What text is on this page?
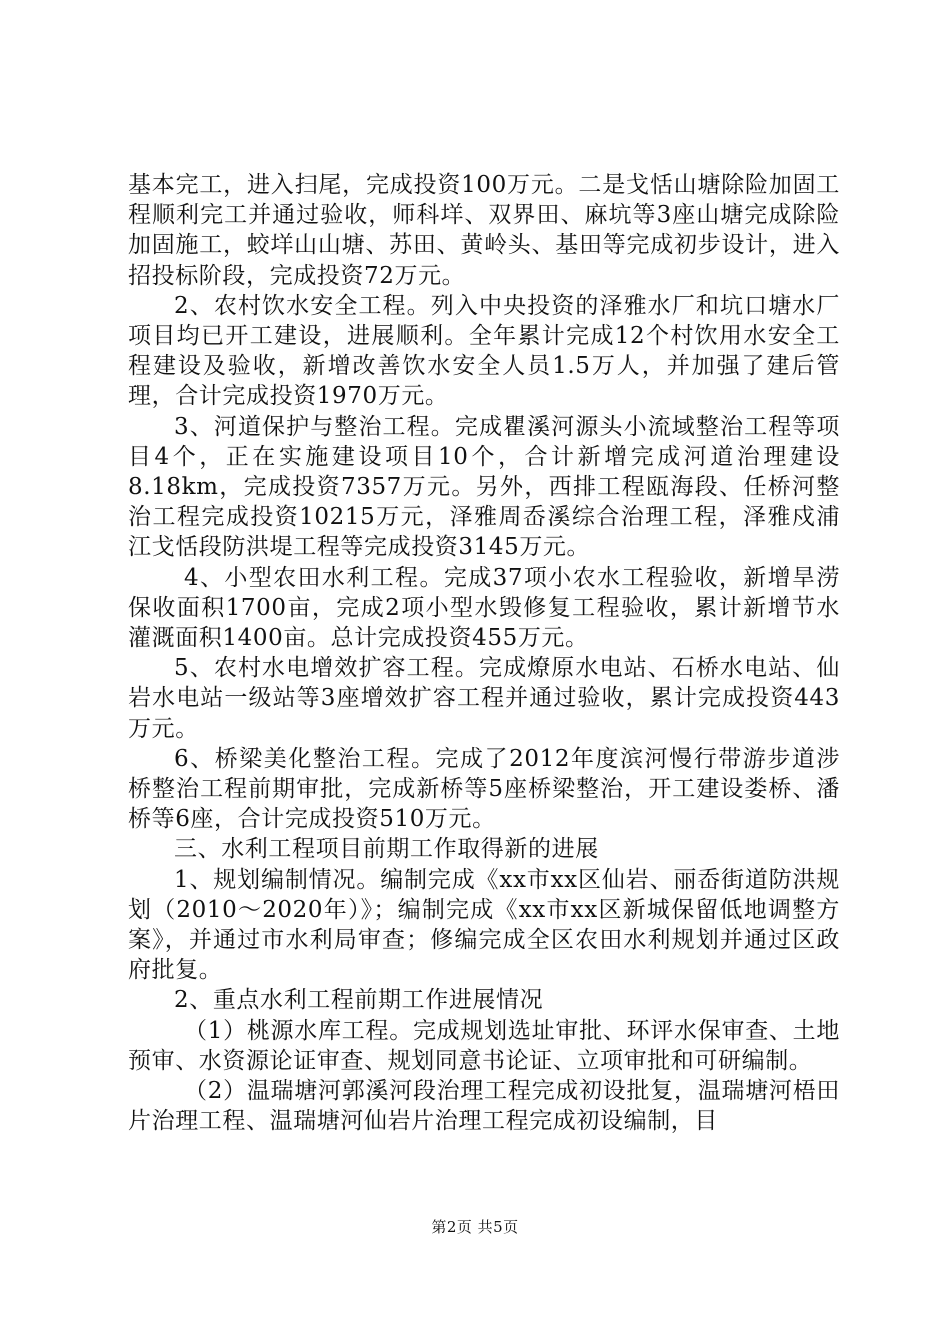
基本完工，进入扫尾，完成投资100万元。二是戈恬山塘除险加固工程顺利完工并通过验收，师科垟、双界田、麻坑等3座山塘完成除险加固施工，蛟垟山山塘、苏田、黄岭头、基田等完成初步设计，进入招投标阶段，完成投资72万元。

2、农村饮水安全工程。列入中央投资的泽雅水厂和坑口塘水厂项目均已开工建设，进展顺利。全年累计完成12个村饮用水安全工程建设及验收，新增改善饮水安全人员1.5万人，并加强了建后管理，合计完成投资1970万元。

3、河道保护与整治工程。完成瞿溪河源头小流域整治工程等项目4个，正在实施建设项目10个，合计新增完成河道治理建设8.18km，完成投资7357万元。另外，西排工程瓯海段、任桥河整治工程完成投资10215万元，泽雅周岙溪综合治理工程，泽雅戍浦江戈恬段防洪堤工程等完成投资3145万元。

4、小型农田水利工程。完成37项小农水工程验收，新增旱涝保收面积1700亩，完成2项小型水毁修复工程验收，累计新增节水灌溉面积1400亩。总计完成投资455万元。

5、农村水电增效扩容工程。完成燎原水电站、石桥水电站、仙岩水电站一级站等3座增效扩容工程并通过验收，累计完成投资443万元。

6、桥梁美化整治工程。完成了2012年度滨河慢行带游步道涉桥整治工程前期审批，完成新桥等5座桥梁整治，开工建设娄桥、潘桥等6座，合计完成投资510万元。

三、水利工程项目前期工作取得新的进展

1、规划编制情况。编制完成《xx市xx区仙岩、丽岙街道防洪规划（2010～2020年）》；编制完成《xx市xx区新城保留低地调整方案》，并通过市水利局审查；修编完成全区农田水利规划并通过区政府批复。

2、重点水利工程前期工作进展情况

（1）桃源水库工程。完成规划选址审批、环评水保审查、土地预审、水资源论证审查、规划同意书论证、立项审批和可研编制。

（2）温瑞塘河郭溪河段治理工程完成初设批复，温瑞塘河梧田片治理工程、温瑞塘河仙岩片治理工程完成初设编制，目

第2页 共5页
